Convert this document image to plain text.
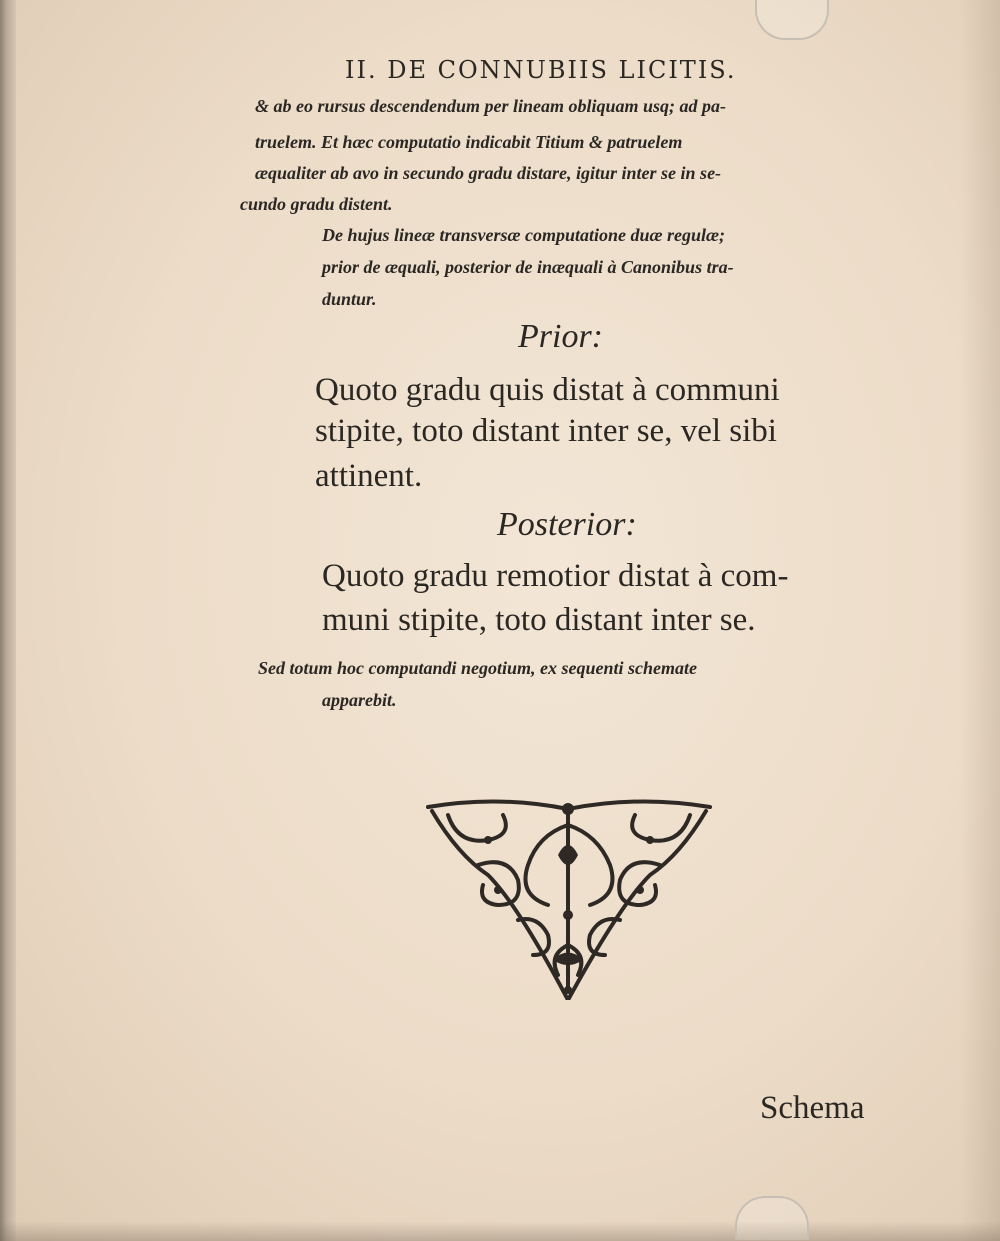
II. DE CONNUBIIS LICITIS.
& ab eo rursus descendendum per lineam obliquam usq; ad pa-
truelem. Et hæc computatio indicabit Titium & patruelem
æqualiter ab avo in secundo gradu distare, igitur inter se in se-
cundo gradu distent.
De hujus lineæ transversæ computatione duæ regulæ;
prior de æquali, posterior de inæquali à Canonibus tra-
duntur.
Prior:
Quoto gradu quis distat à communi
stipite, toto distant inter se, vel sibi
attinent.
Posterior:
Quoto gradu remotior distat à com-
muni stipite, toto distant inter se.
Sed totum hoc computandi negotium, ex sequenti schemate
apparebit.
Schema
